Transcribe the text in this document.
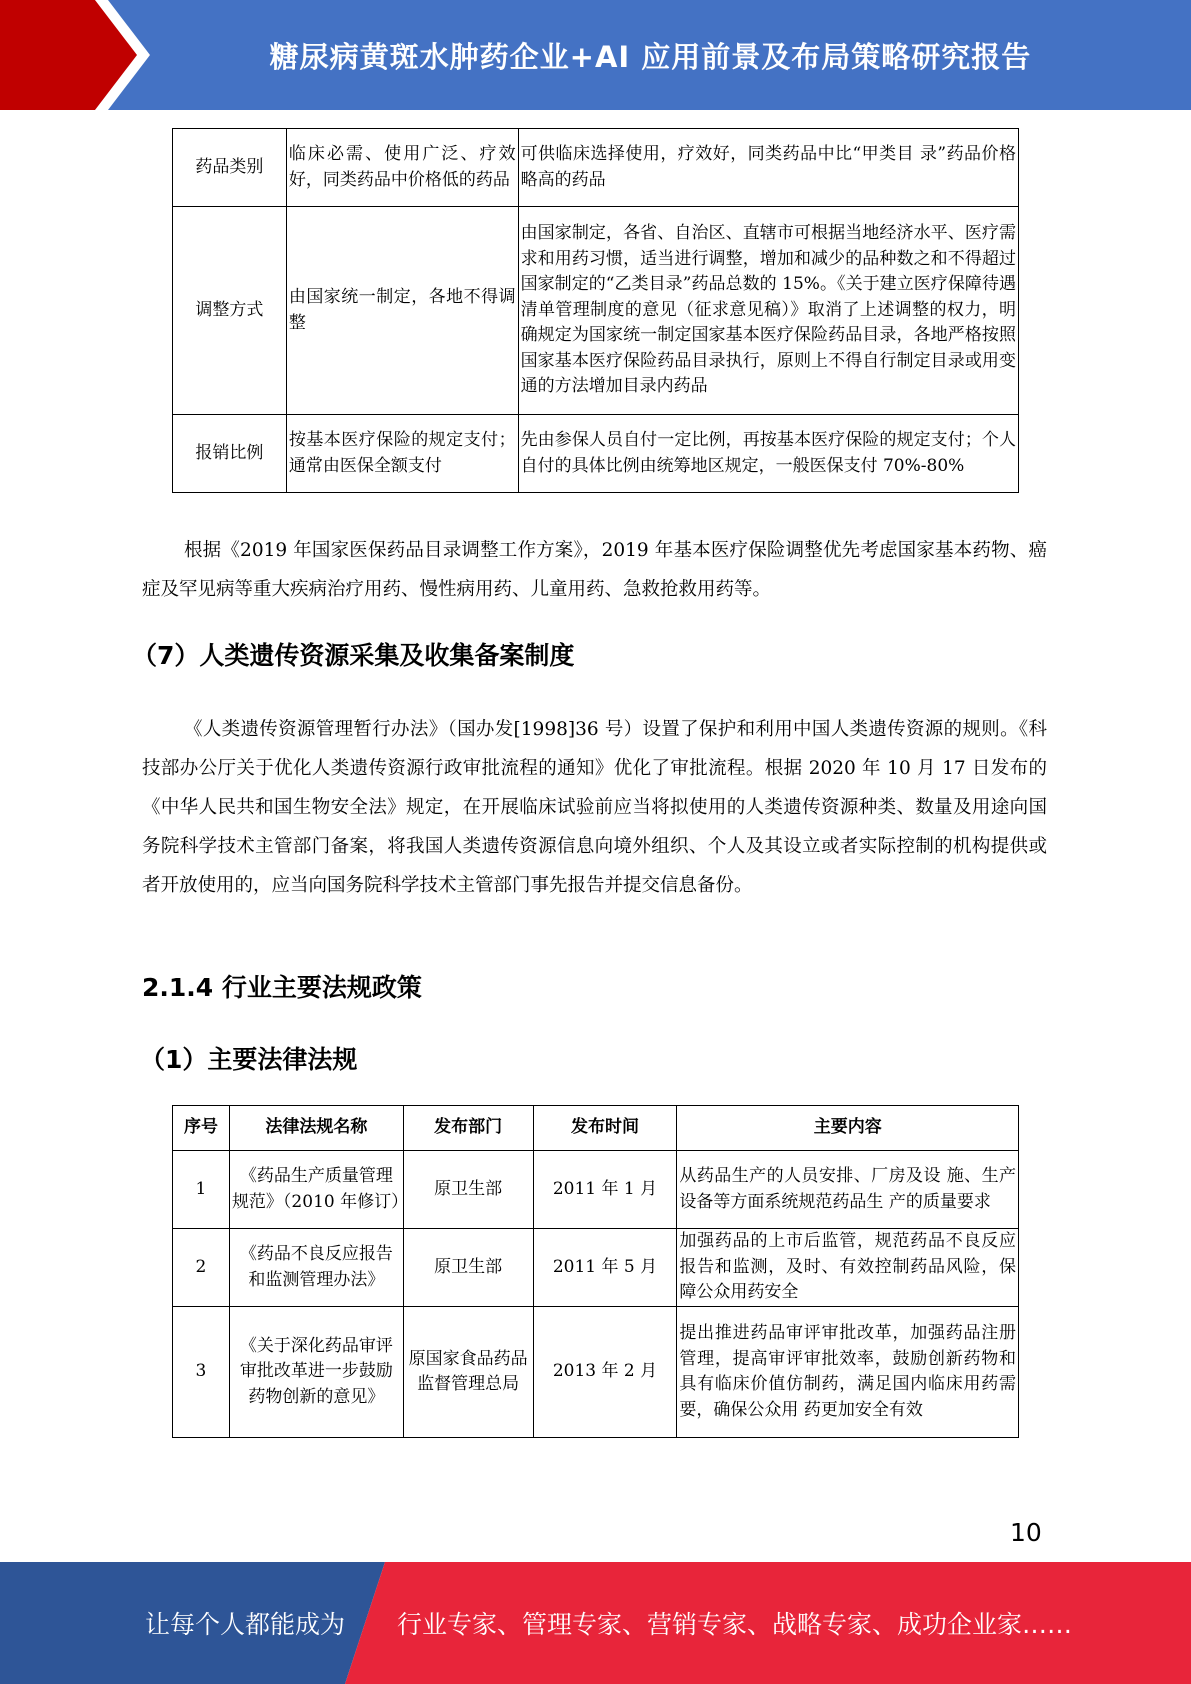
糖尿病黄斑水肿药企业+AI 应用前景及布局策略研究报告
药品类别	临床必需、使用广泛、疗效好，同类药品中价格低的药品	可供临床选择使用，疗效好，同类药品中比“甲类目 录”药品价格略高的药品
调整方式	由国家统一制定，各地不得调整	由国家制定，各省、自治区、直辖市可根据当地经济水平、医疗需求和用药习惯，适当进行调整，增加和减少的品种数之和不得超过国家制定的“乙类目录”药品总数的 15%。《关于建立医疗保障待遇清单管理制度的意见（征求意见稿）》取消了上述调整的权力，明确规定为国家统一制定国家基本医疗保险药品目录，各地严格按照国家基本医疗保险药品目录执行，原则上不得自行制定目录或用变通的方法增加目录内药品
报销比例	按基本医疗保险的规定支付；通常由医保全额支付	先由参保人员自付一定比例，再按基本医疗保险的规定支付；个人自付的具体比例由统筹地区规定，一般医保支付 70%-80%
根据《2019 年国家医保药品目录调整工作方案》，2019 年基本医疗保险调整优先考虑国家基本药物、癌症及罕见病等重大疾病治疗用药、慢性病用药、儿童用药、急救抢救用药等。
（7）人类遗传资源采集及收集备案制度
《人类遗传资源管理暂行办法》（国办发[1998]36 号）设置了保护和利用中国人类遗传资源的规则。《科技部办公厅关于优化人类遗传资源行政审批流程的通知》优化了审批流程。根据 2020 年 10 月 17 日发布的《中华人民共和国生物安全法》规定，在开展临床试验前应当将拟使用的人类遗传资源种类、数量及用途向国务院科学技术主管部门备案，将我国人类遗传资源信息向境外组织、个人及其设立或者实际控制的机构提供或者开放使用的，应当向国务院科学技术主管部门事先报告并提交信息备份。
2.1.4 行业主要法规政策
（1）主要法律法规
序号	法律法规名称	发布部门	发布时间	主要内容
1	《药品生产质量管理规范》（2010 年修订）	原卫生部	2011 年 1 月	从药品生产的人员安排、厂房及设 施、生产设备等方面系统规范药品生 产的质量要求
2	《药品不良反应报告和监测管理办法》	原卫生部	2011 年 5 月	加强药品的上市后监管，规范药品不良反应报告和监测，及时、有效控制药品风险，保障公众用药安全
3	《关于深化药品审评审批改革进一步鼓励药物创新的意见》	原国家食品药品监督管理总局	2013 年 2 月	提出推进药品审评审批改革，加强药品注册管理，提高审评审批效率，鼓励创新药物和具有临床价值仿制药，满足国内临床用药需要，确保公众用 药更加安全有效
10
让每个人都能成为 行业专家、管理专家、营销专家、战略专家、成功企业家……
